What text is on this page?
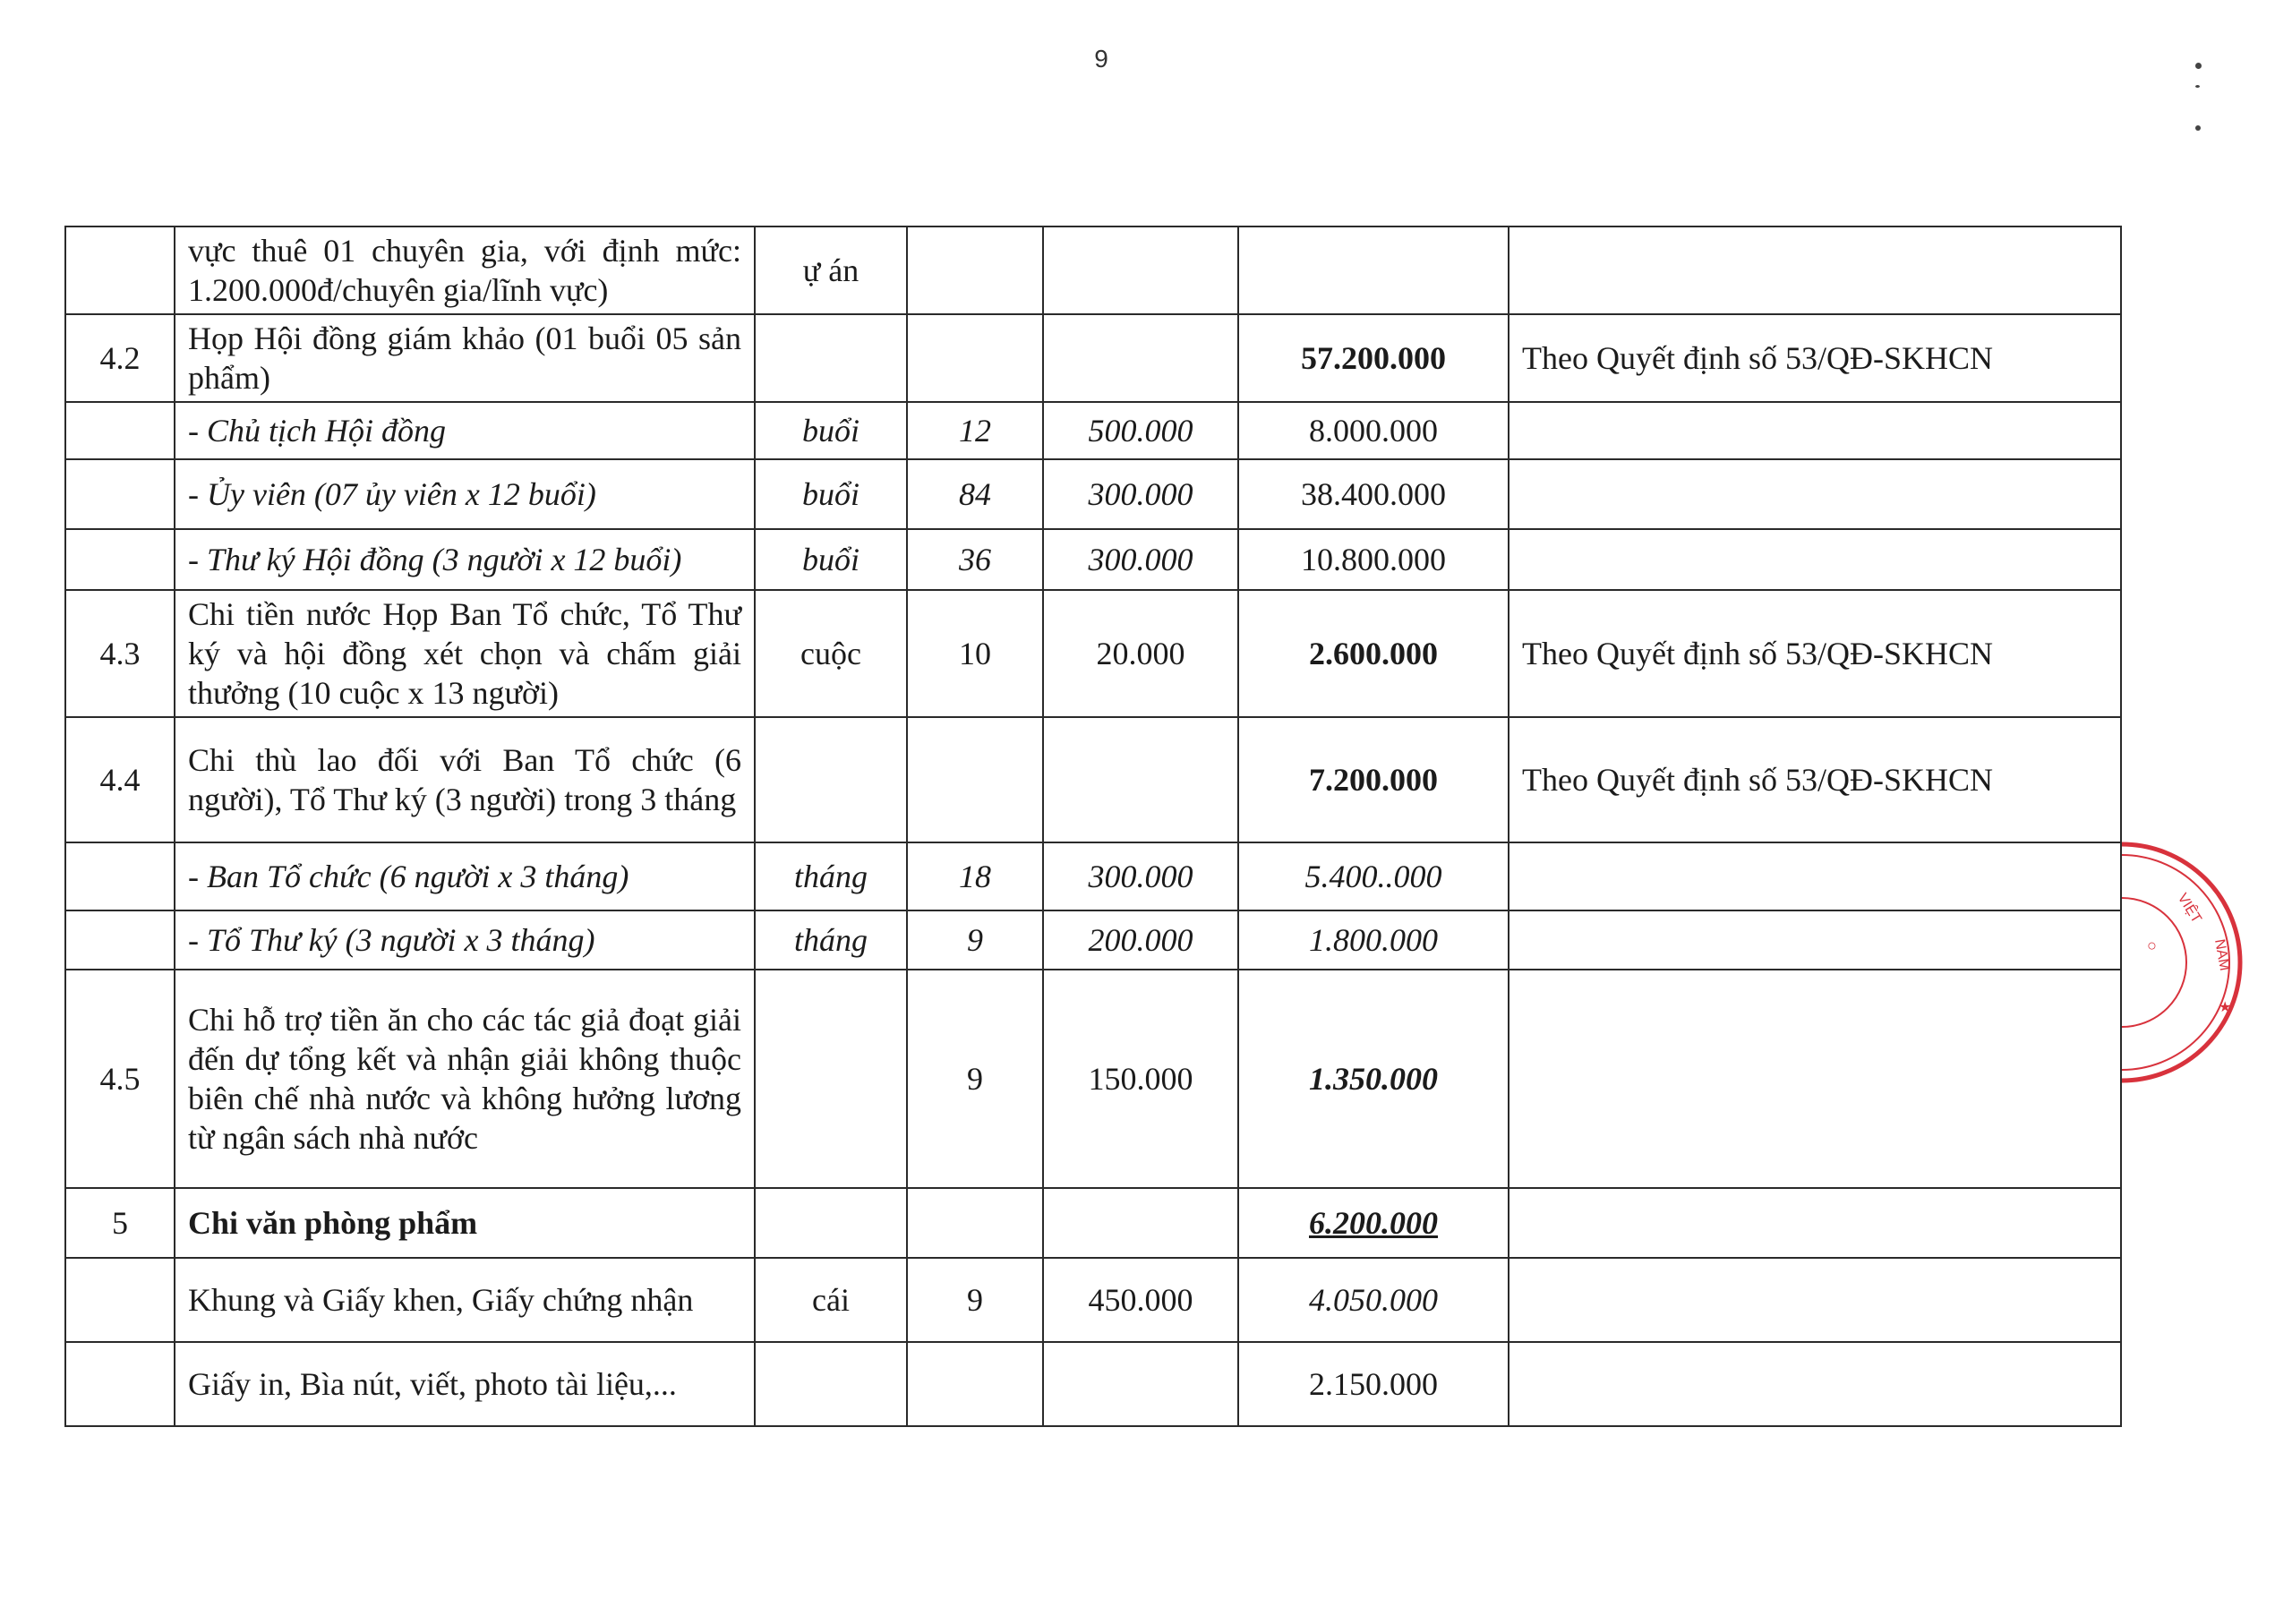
9
	vực thuê 01 chuyên gia, với định mức: 1.200.000đ/chuyên gia/lĩnh vực)	ự án				
4.2	Họp Hội đồng giám khảo (01 buổi 05 sản phẩm)				57.200.000	Theo Quyết định số 53/QĐ-SKHCN
	- Chủ tịch Hội đồng	buổi	12	500.000	8.000.000	
	- Ủy viên (07 ủy viên x 12 buổi)	buổi	84	300.000	38.400.000	
	- Thư ký Hội đồng (3 người x 12 buổi)	buổi	36	300.000	10.800.000	
4.3	Chi tiền nước Họp Ban Tổ chức, Tổ Thư ký và hội đồng xét chọn và chấm giải thưởng (10 cuộc x 13 người)	cuộc	10	20.000	2.600.000	Theo Quyết định số 53/QĐ-SKHCN
4.4	Chi thù lao đối với Ban Tổ chức (6 người), Tổ Thư ký (3 người) trong 3 tháng				7.200.000	Theo Quyết định số 53/QĐ-SKHCN
	- Ban Tổ chức (6 người x 3 tháng)	tháng	18	300.000	5.400..000	
	- Tổ Thư ký (3 người x 3 tháng)	tháng	9	200.000	1.800.000	
4.5	Chi hỗ trợ tiền ăn cho các tác giả đoạt giải đến dự tổng kết và nhận giải không thuộc biên chế nhà nước và không hưởng lương từ ngân sách nhà nước		9	150.000	1.350.000	
5	Chi văn phòng phẩm				6.200.000	
	Khung và Giấy khen, Giấy chứng nhận	cái	9	450.000	4.050.000	
	Giấy in, Bìa nút, viết, photo tài liệu,...				2.150.000	
VIỆT
NAM
★
○
